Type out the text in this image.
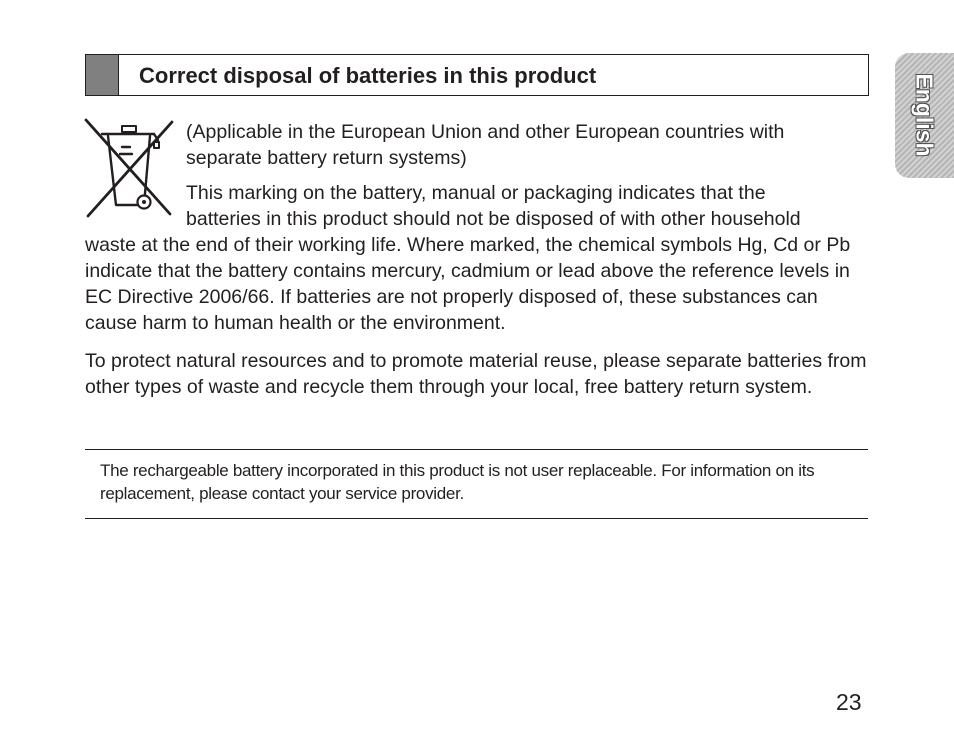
Correct disposal of batteries in this product	English
(Applicable in the European Union and other European countries with
separate battery return systems)
This marking on the battery, manual or packaging indicates that the
batteries in this product should not be disposed of with other household
waste at the end of their working life. Where marked, the chemical symbols Hg, Cd or Pb indicate that the battery contains mercury, cadmium or lead above the reference levels in EC Directive 2006/66. If batteries are not properly disposed of, these substances can cause harm to human health or the environment.
To protect natural resources and to promote material reuse, please separate batteries from other types of waste and recycle them through your local, free battery return system.
The rechargeable battery incorporated in this product is not user replaceable. For information on its replacement, please contact your service provider.
23
